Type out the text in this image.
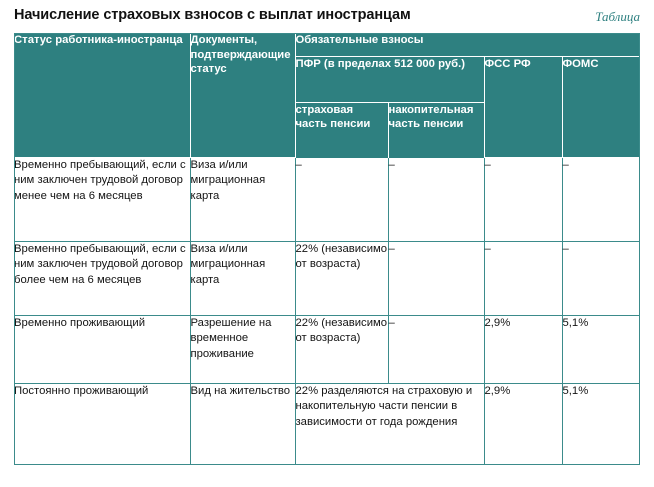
Начисление страховых взносов с выплат иностранцам	Таблица
Статус работника-иностранца	Документы, подтверждающие статус	Обязательные взносы			
		ПФР (в пределах 512 000 руб.)		ФСС РФ	ФОМС
		страховая часть пенсии	накопительная часть пенсии		
Временно пребывающий, если с ним заключен трудовой договор менее чем на 6 месяцев	Виза и/или миграционная карта	–	–	–	–
Временно пребывающий, если с ним заключен трудовой договор более чем на 6 месяцев	Виза и/или миграционная карта	22% (независимо от возраста)	–	–	–
Временно проживающий	Разрешение на временное проживание	22% (независимо от возраста)	–	2,9%	5,1%
Постоянно проживающий	Вид на жительство	22% разделяются на страховую и накопительную части пенсии в зависимости от года рождения		2,9%	5,1%
